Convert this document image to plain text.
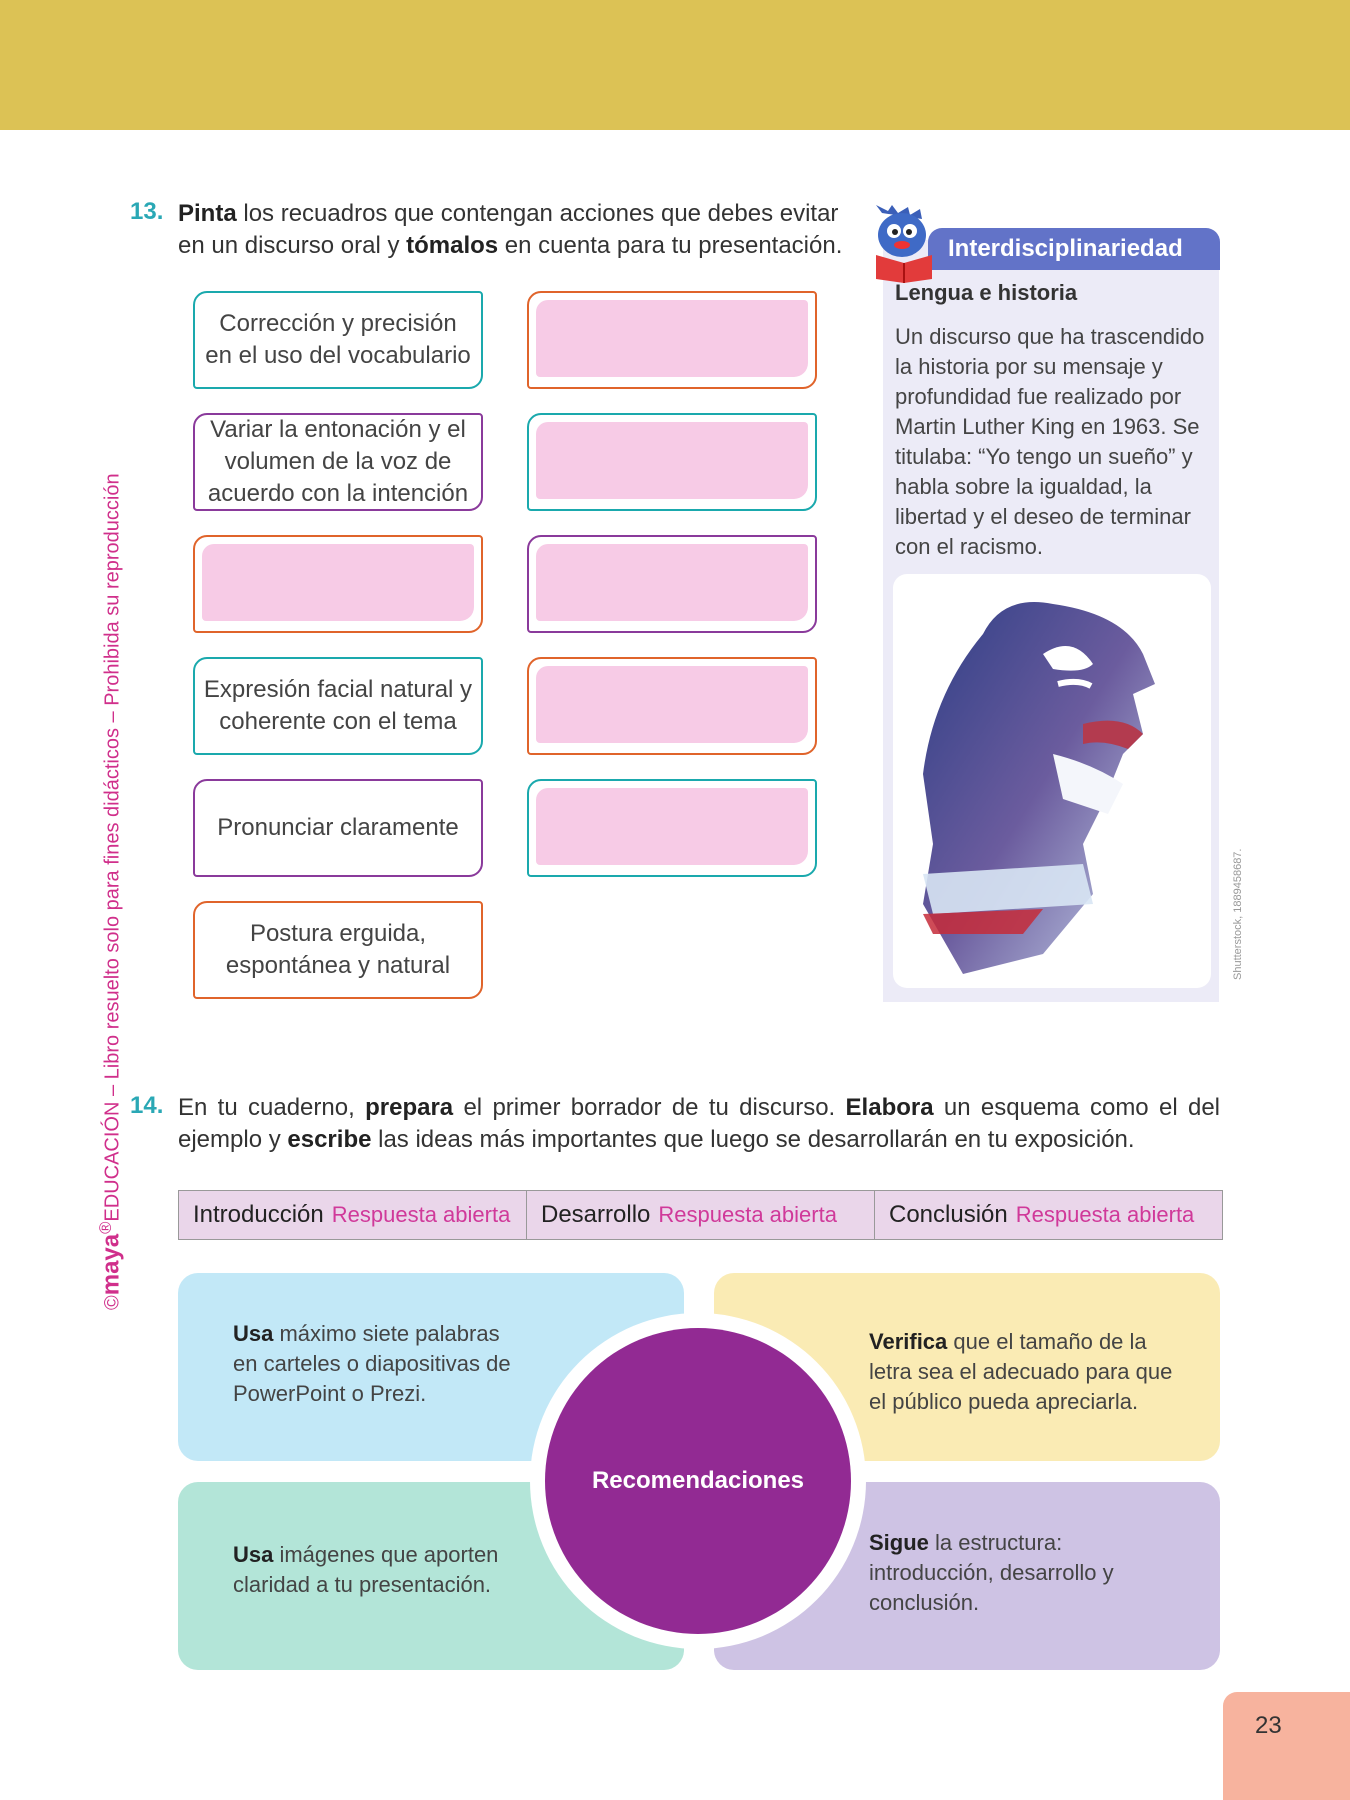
©maya®EDUCACIÓN – Libro resuelto solo para fines didácticos – Prohibida su reproducción
13. Pinta los recuadros que contengan acciones que debes evitar en un discurso oral y tómalos en cuenta para tu presentación.
Corrección y precisión en el uso del vocabulario
Variar la entonación y el volumen de la voz de acuerdo con la intención
Expresión facial natural y coherente con el tema
Pronunciar claramente
Postura erguida, espontánea y natural
Interdisciplinariedad
Lengua e historia
Un discurso que ha trascendido la historia por su mensaje y profundidad fue realizado por Martin Luther King en 1963. Se titulaba: “Yo tengo un sueño” y habla sobre la igualdad, la libertad y el deseo de terminar con el racismo.
Shutterstock, 1889458687.
14. En tu cuaderno, prepara el primer borrador de tu discurso. Elabora un esquema como el del ejemplo y escribe las ideas más importantes que luego se desarrollarán en tu exposición.
Introducción Respuesta abierta Desarrollo Respuesta abierta Conclusión Respuesta abierta
Usa máximo siete palabras en carteles o diapositivas de PowerPoint o Prezi.
Verifica que el tamaño de la letra sea el adecuado para que el público pueda apreciarla.
Usa imágenes que aporten claridad a tu presentación.
Sigue la estructura: introducción, desarrollo y conclusión.
Recomendaciones
23
